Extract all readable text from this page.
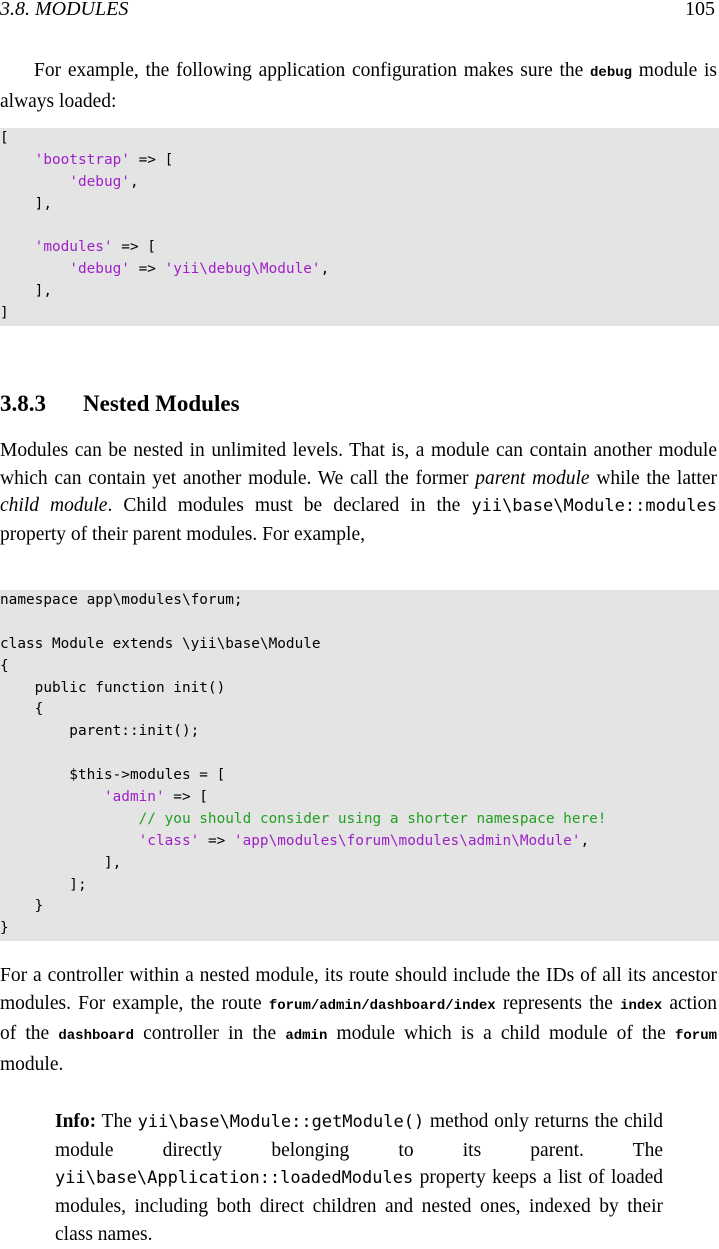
3.8. MODULES	105
For example, the following application configuration makes sure the debug module is always loaded:
[
'bootstrap' => [
'debug',
],
'modules' => [
'debug' => 'yii\debug\Module',
],
]
3.8.3 Nested Modules
Modules can be nested in unlimited levels. That is, a module can contain another module which can contain yet another module. We call the former parent module while the latter child module. Child modules must be declared in the yii\base\Module::modules property of their parent modules. For example,
namespace app\modules\forum;
class Module extends \yii\base\Module
{
public function init()
{
parent::init();
$this->modules = [
'admin' => [
// you should consider using a shorter namespace here!
'class' => 'app\modules\forum\modules\admin\Module',
],
];
}
}
For a controller within a nested module, its route should include the IDs of all its ancestor modules. For example, the route forum/admin/dashboard/index represents the index action of the dashboard controller in the admin module which is a child module of the forum module.
Info: The yii\base\Module::getModule() method only returns the child module directly belonging to its parent. The yii\base\Application::loadedModules property keeps a list of loaded modules, including both direct children and nested ones, indexed by their class names.
